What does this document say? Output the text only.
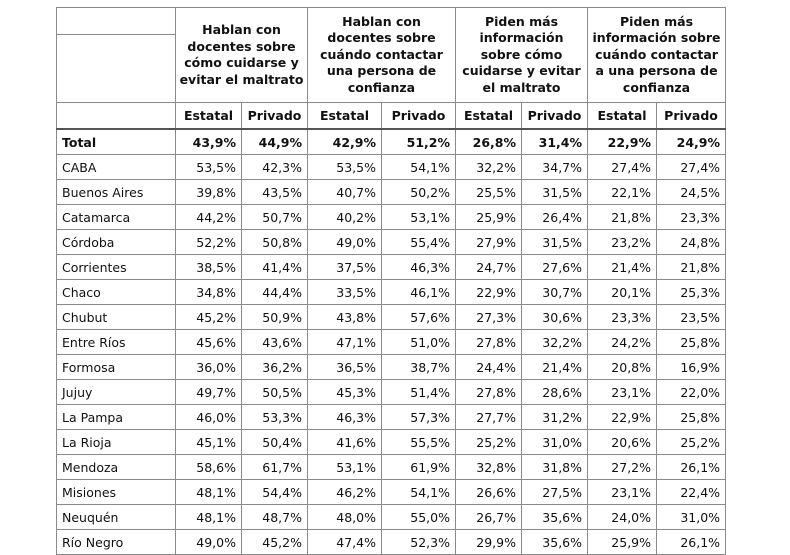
	Hablan con docentes sobre cómo cuidarse y evitar el maltrato		Hablan con docentes sobre cuándo contactar una persona de confianza		Piden más información sobre cómo cuidarse y evitar el maltrato		Piden más información sobre cuándo contactar a una persona de confianza	
	Estatal	Privado	Estatal	Privado	Estatal	Privado	Estatal	Privado
Total	43,9%	44,9%	42,9%	51,2%	26,8%	31,4%	22,9%	24,9%
CABA	53,5%	42,3%	53,5%	54,1%	32,2%	34,7%	27,4%	27,4%
Buenos Aires	39,8%	43,5%	40,7%	50,2%	25,5%	31,5%	22,1%	24,5%
Catamarca	44,2%	50,7%	40,2%	53,1%	25,9%	26,4%	21,8%	23,3%
Córdoba	52,2%	50,8%	49,0%	55,4%	27,9%	31,5%	23,2%	24,8%
Corrientes	38,5%	41,4%	37,5%	46,3%	24,7%	27,6%	21,4%	21,8%
Chaco	34,8%	44,4%	33,5%	46,1%	22,9%	30,7%	20,1%	25,3%
Chubut	45,2%	50,9%	43,8%	57,6%	27,3%	30,6%	23,3%	23,5%
Entre Ríos	45,6%	43,6%	47,1%	51,0%	27,8%	32,2%	24,2%	25,8%
Formosa	36,0%	36,2%	36,5%	38,7%	24,4%	21,4%	20,8%	16,9%
Jujuy	49,7%	50,5%	45,3%	51,4%	27,8%	28,6%	23,1%	22,0%
La Pampa	46,0%	53,3%	46,3%	57,3%	27,7%	31,2%	22,9%	25,8%
La Rioja	45,1%	50,4%	41,6%	55,5%	25,2%	31,0%	20,6%	25,2%
Mendoza	58,6%	61,7%	53,1%	61,9%	32,8%	31,8%	27,2%	26,1%
Misiones	48,1%	54,4%	46,2%	54,1%	26,6%	27,5%	23,1%	22,4%
Neuquén	48,1%	48,7%	48,0%	55,0%	26,7%	35,6%	24,0%	31,0%
Río Negro	49,0%	45,2%	47,4%	52,3%	29,9%	35,6%	25,9%	26,1%
